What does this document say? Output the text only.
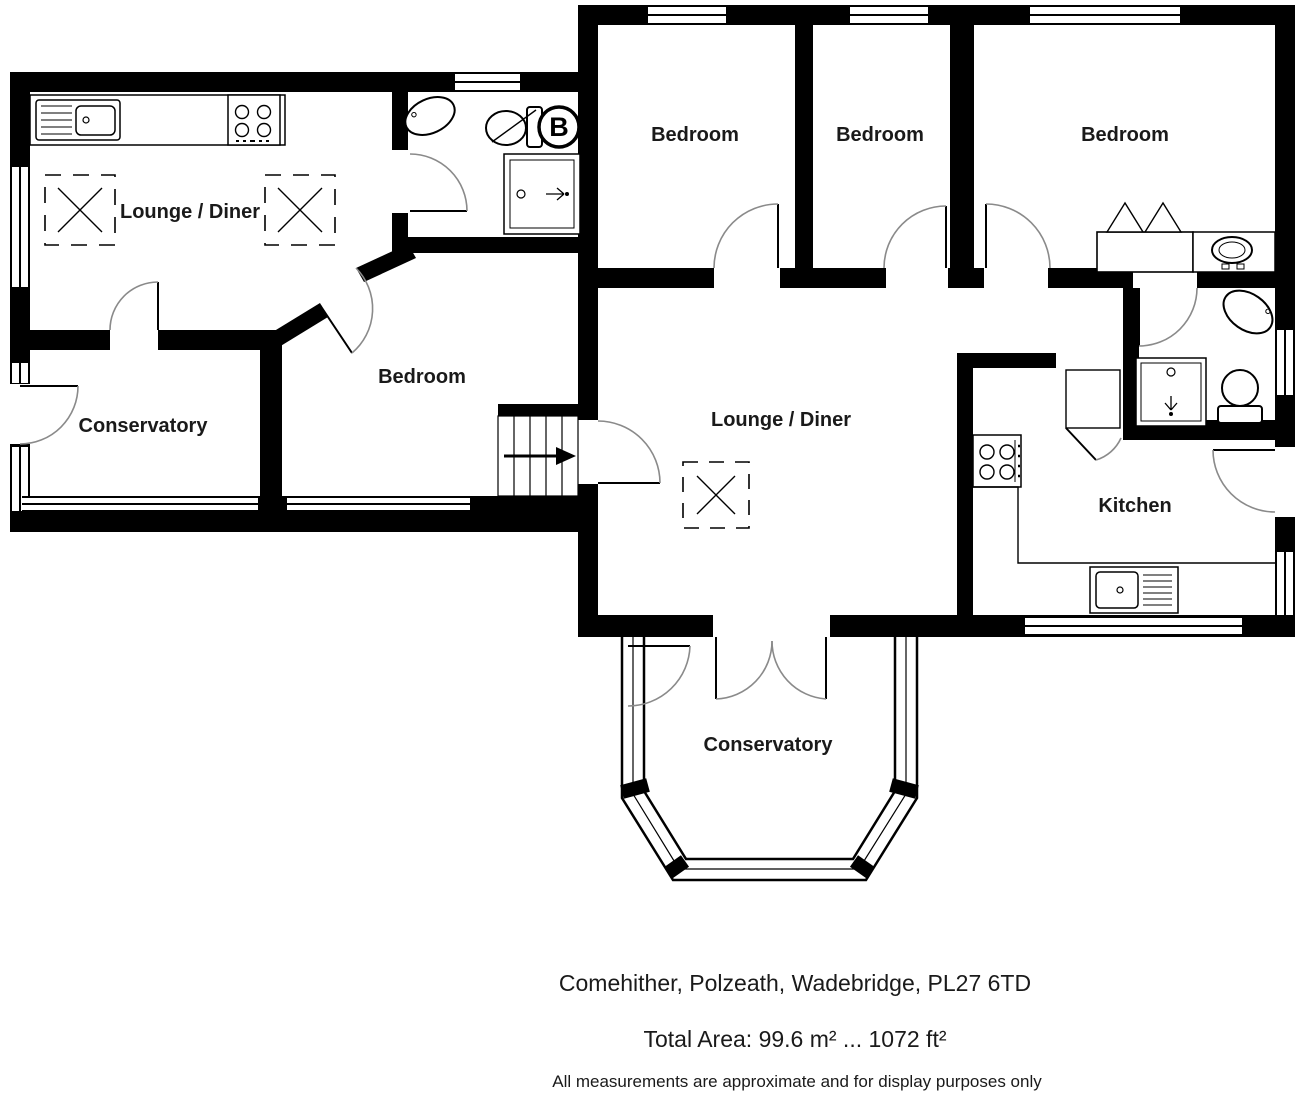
B
Lounge / Diner
Bedroom
Conservatory
Bedroom	Bedroom	Bedroom
Lounge / Diner
Kitchen
Conservatory
Comehither, Polzeath, Wadebridge, PL27 6TD
Total Area: 99.6 m² ... 1072 ft²
All measurements are approximate and for display purposes only
